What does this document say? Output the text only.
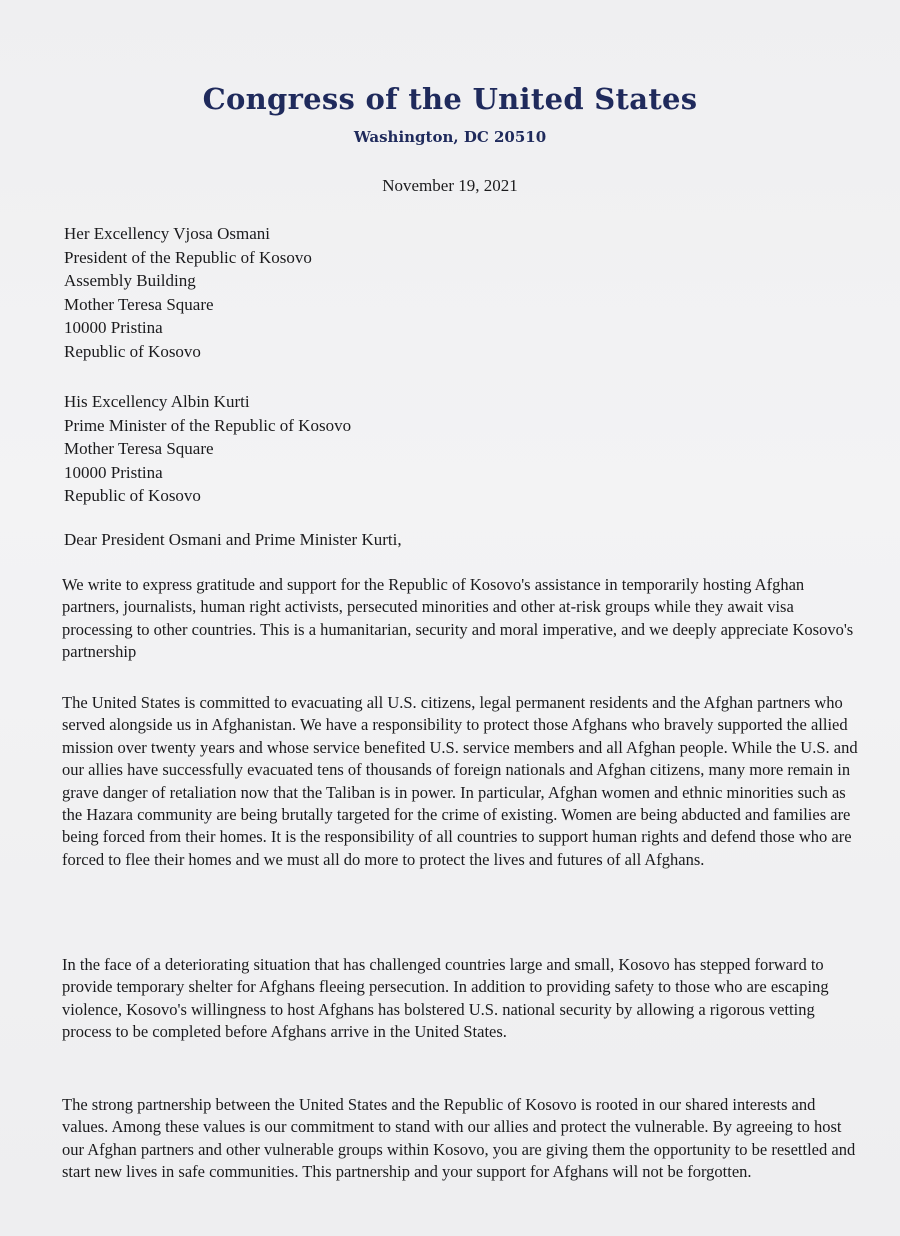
Congress of the United States
Washington, DC 20510
November 19, 2021
Her Excellency Vjosa Osmani
President of the Republic of Kosovo
Assembly Building
Mother Teresa Square
10000 Pristina
Republic of Kosovo
His Excellency Albin Kurti
Prime Minister of the Republic of Kosovo
Mother Teresa Square
10000 Pristina
Republic of Kosovo
Dear President Osmani and Prime Minister Kurti,

We write to express gratitude and support for the Republic of Kosovo's assistance in temporarily hosting Afghan partners, journalists, human right activists, persecuted minorities and other at-risk groups while they await visa processing to other countries. This is a humanitarian, security and moral imperative, and we deeply appreciate Kosovo's partnership

The United States is committed to evacuating all U.S. citizens, legal permanent residents and the Afghan partners who served alongside us in Afghanistan. We have a responsibility to protect those Afghans who bravely supported the allied mission over twenty years and whose service benefited U.S. service members and all Afghan people. While the U.S. and our allies have successfully evacuated tens of thousands of foreign nationals and Afghan citizens, many more remain in grave danger of retaliation now that the Taliban is in power. In particular, Afghan women and ethnic minorities such as the Hazara community are being brutally targeted for the crime of existing. Women are being abducted and families are being forced from their homes. It is the responsibility of all countries to support human rights and defend those who are forced to flee their homes and we must all do more to protect the lives and futures of all Afghans.

In the face of a deteriorating situation that has challenged countries large and small, Kosovo has stepped forward to provide temporary shelter for Afghans fleeing persecution. In addition to providing safety to those who are escaping violence, Kosovo's willingness to host Afghans has bolstered U.S. national security by allowing a rigorous vetting process to be completed before Afghans arrive in the United States.

The strong partnership between the United States and the Republic of Kosovo is rooted in our shared interests and values. Among these values is our commitment to stand with our allies and protect the vulnerable. By agreeing to host our Afghan partners and other vulnerable groups within Kosovo, you are giving them the opportunity to be resettled and start new lives in safe communities. This partnership and your support for Afghans will not be forgotten.
